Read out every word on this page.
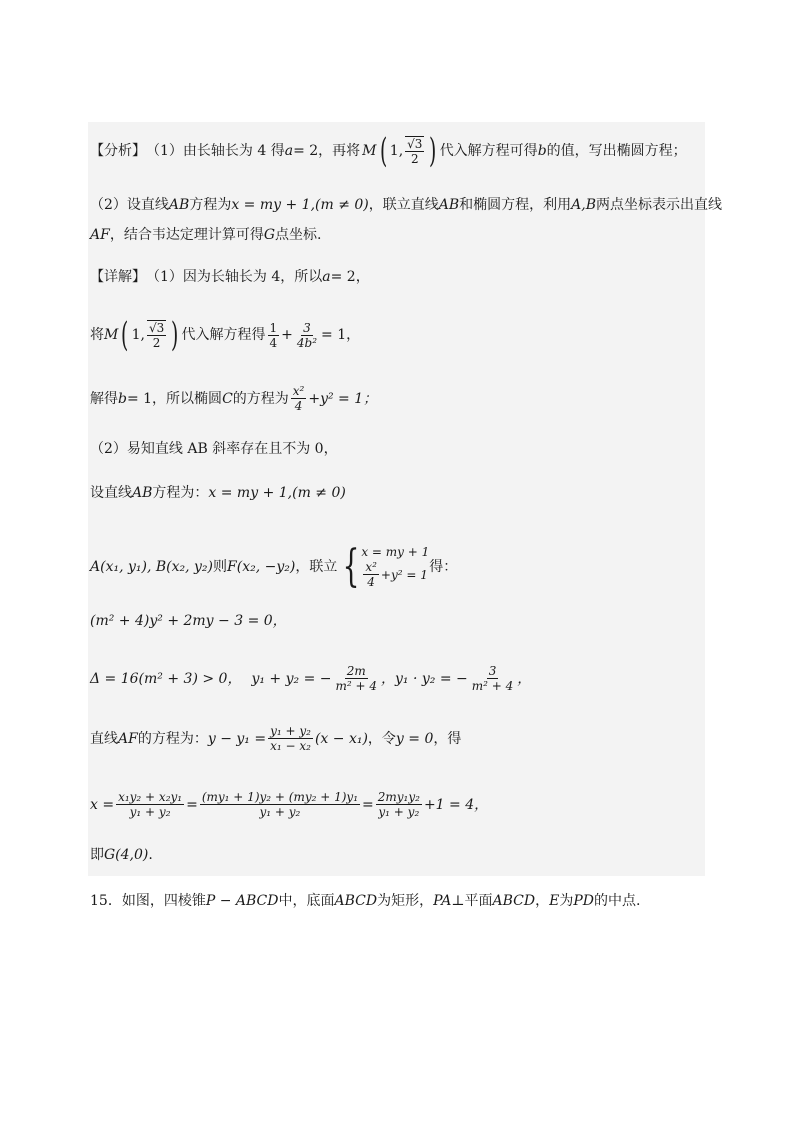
【分析】 （1）由长轴长为 4 得 a = 2，再将 M ( 1, $\frac{√3}{2}$ ) 代入解方程可得 b 的值，写出椭圆方程；
（2）设直线 AB 方程为 x = my + 1,(m ≠ 0) ，联立直线 AB 和椭圆方程，利用 A,B 两点坐标表示出直线
AF ，结合韦达定理计算可得 G 点坐标.
【详解】 （1）因为长轴长为 4，所以 a = 2，
将 M ( 1, $\frac{√3}{2}$ ) 代入解方程得 $\frac{1}{4} + \frac{3}{\text{4b²}} = 1$，
解得 b = 1，所以椭圆 C 的方程为 $\frac{\text{x²}}{4} +y^2 = 1$；
（2）易知直线 AB 斜率存在且不为 0，
设直线 AB 方程为： x = my + 1,(m ≠ 0)
A(x₁, y₁), B(x₂, y₂) 则 F(x₂, −y₂) ，联立 { x = my + 1
$\frac{\text{x²}}{4} +y^2 = 1$ 得：
(m² + 4)y² + 2my − 3 = 0，
Δ = 16(m² + 3) > 0， y₁ + y₂ = − $\frac{2m}{\text{m² + 4}}$ ， y₁ · y₂ = − $\frac{3}{\text{m² + 4}}$ ，
直线 AF 的方程为： $y - y_1 = \frac{\text{y₁ + y₂}}{\text{x₁ − x₂}} (x - x_1)$ ，令 y = 0 ，得
$x = \frac{\text{x₁y₂ + x₂y₁}}{\text{y₁ + y₂}} = \frac{\text{(my₁ + 1)y₂ + (my₂ + 1)y₁}}{\text{y₁ + y₂}} = \frac{\text{2my₁y₂}}{\text{y₁ + y₂}} +1 = 4$，
即 G(4,0) .
15．如图，四棱锥P − ABCD中，底面ABCD为矩形，PA⊥平面ABCD，E为PD的中点.
